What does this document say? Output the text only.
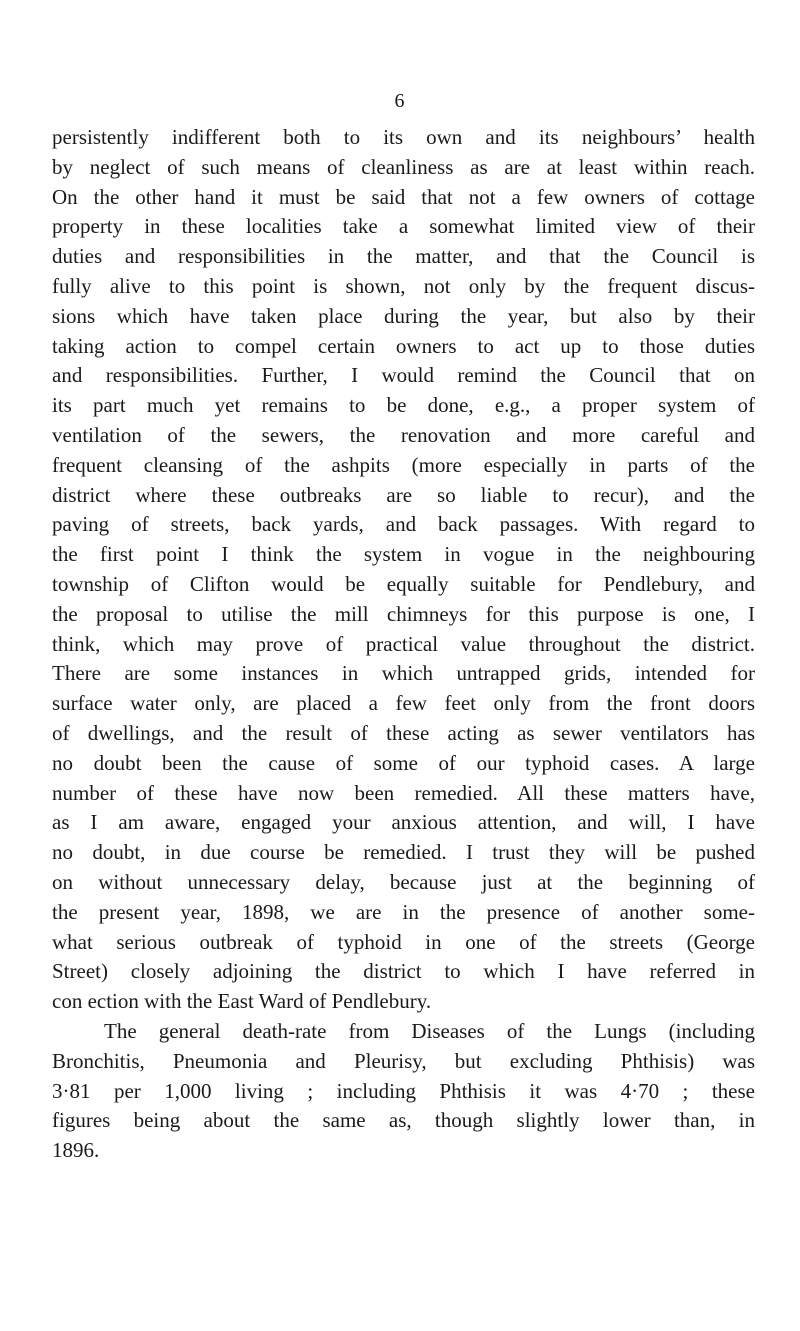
6
persistently indifferent both to its own and its neighbours’ health
by neglect of such means of cleanliness as are at least within reach.
On the other hand it must be said that not a few owners of cottage
property in these localities take a somewhat limited view of their
duties and responsibilities in the matter, and that the Council is
fully alive to this point is shown, not only by the frequent discus-
sions which have taken place during the year, but also by their
taking action to compel certain owners to act up to those duties
and responsibilities. Further, I would remind the Council that on
its part much yet remains to be done, e.g., a proper system of
ventilation of the sewers, the renovation and more careful and
frequent cleansing of the ashpits (more especially in parts of the
district where these outbreaks are so liable to recur), and the
paving of streets, back yards, and back passages. With regard to
the first point I think the system in vogue in the neighbouring
township of Clifton would be equally suitable for Pendlebury, and
the proposal to utilise the mill chimneys for this purpose is one, I
think, which may prove of practical value throughout the district.
There are some instances in which untrapped grids, intended for
surface water only, are placed a few feet only from the front doors
of dwellings, and the result of these acting as sewer ventilators has
no doubt been the cause of some of our typhoid cases. A large
number of these have now been remedied. All these matters have,
as I am aware, engaged your anxious attention, and will, I have
no doubt, in due course be remedied. I trust they will be pushed
on without unnecessary delay, because just at the beginning of
the present year, 1898, we are in the presence of another some-
what serious outbreak of typhoid in one of the streets (George
Street) closely adjoining the district to which I have referred in
con ection with the East Ward of Pendlebury.
The general death-rate from Diseases of the Lungs (including
Bronchitis, Pneumonia and Pleurisy, but excluding Phthisis) was
3·81 per 1,000 living ; including Phthisis it was 4·70 ; these
figures being about the same as, though slightly lower than, in
1896.
